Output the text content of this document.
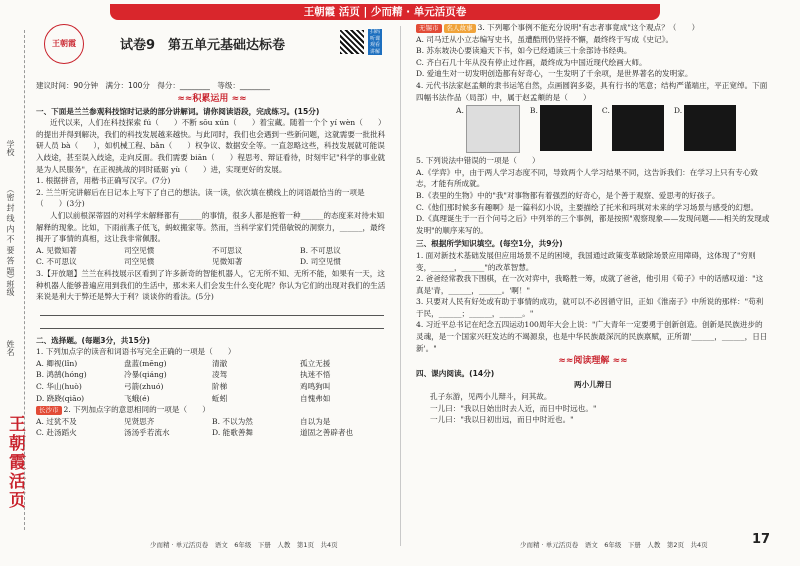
王朝霞 活页 | 少而精 · 单元活页卷
学校
（密 封 线 内 不 要 答 题）
班级
姓名
王朝霞活页
王朝霞	试卷9　第五单元基础达标卷
扫码听课观看讲解
建议时间：90分钟　满分：100分　得分：________　等级：________
≈≈ 积累运用 ≈≈

一、下面是兰兰参观科技馆时记录的部分讲解词。请你阅读语段，完成练习。(15分)

近代以来，人们在科技探索 fú（　　）不断 sōu xún（　　）着宝藏。随着一个个 yí wèn（　　）的提出并得到解决，我们的科技发展越来越快。与此同时，我们也会遇到一些新问题，这就需要一批批科研人员 bà（　　），如机械工程、bǎn（　　）权争议、数据安全等。一直忽略这些，科技发展就可能误入歧途，甚至误入歧途，走向反面。我们需要 biān（　　）程思考、辩证看待，时刻牢记"科学的事业就是为人民服务"，在正视挑战的同时砥砺 yù（　　）进，实现更好的发展。

1. 根据拼音，用楷书正确写汉字。(7分)

2. 兰兰听完讲解后在日记本上写下了自己的想法。读一读，依次填在横线上的词语最恰当的一项是（　　）(3分)

人们以前根深蒂固的对科学未解释都有______的事情，很多人都是抱着一种______的态度来对待未知解释的现象。比如，下雨前燕子低飞，蚂蚁搬家等。然而，当科学家们凭借敏锐的洞察力，______，最终揭开了事情的真相，这让我非常佩服。

A. 见微知著	司空见惯	不可思议	B. 不可思议
C. 不可思议	司空见惯	见微知著	D. 司空见惯

3.【开放题】兰兰在科技展示区看到了许多新奇的智能机器人，它无所不知、无所不能，如果有一天，这种机器人能够普遍应用到我们的生活中，那未来人们会发生什么变化呢？你认为它们的出现对我们的生活来说是利大于弊还是弊大于利？谈谈你的看法。(5分)

二、选择题。(每题3分，共15分)

1. 下列加点字的读音和词语书写完全正确的一项是（　　）

A. 卿视(lǐn)	盘蓝(mēng)	清澈	孤立无援
B. 鸿鹄(hóng)	冷暴(qiáng)	凌驾	执迷不悟
C. 华山(huò)	弓箭(zhuó)	阶梯	鸡鸣狗叫
D. 跷跷(qiāo)	飞蛾(é)	蚯蚓	自愧弗如

长沙市 2. 下列加点字的意思相同的一项是（　　）

A. 过犹不及	见贤思齐	B. 不以为然	自以为是
C. 赴汤蹈火	汤汤乎若流水	D. 能歌善舞	道固之善辟者也

无锡市 名人故事 3. 下列哪个事例不能充分说明"有志者事竟成"这个观点？（　　）

A. 司马迁从小立志编写史书，虽遭酷刑仍坚持不懈，最终终于写成《史记》。

B. 苏东坡决心要读遍天下书，如今已经通读三十余部诗书经典。

C. 齐白石几十年从没有停止过作画，最终成为中国近现代绘画大师。

D. 爱迪生对一切发明创造都有好奇心，一生发明了千余项，是世界著名的发明家。

4. 元代书法家赵孟頫的隶书运笔自然，点画圆润多姿，具有行书的笔意；结构严谨端庄，平正宽绰。下面四幅书法作品（局部）中，属于赵孟頫的是（　　）

A.	B.	C.	D.

5. 下列说法中错误的一项是（　　）

A.《学弈》中，由于两人学习态度不同，导致两个人学习结果不同，这告诉我们：在学习上只有专心致志，才能有所成就。

B.《表里的生物》中的"我"对事物都有着强烈的好奇心，是个善于观察、爱思考的好孩子。

C.《他们那时候多有趣啊》是一篇科幻小说，主要描绘了托米和玛琪对未来的学习场景与感受的幻想。

D.《真理诞生于一百个问号之后》中列举的三个事例，都是按照"观察现象——发现问题——相关的发现或发明"的顺序来写的。

三、根据所学知识填空。(每空1分，共9分)

1. 面对新技术基础发展但应用场景不足的困境，我国通过政策变革破除场景应用障碍，这体现了"穷则变，______，______"的改革智慧。

2. 爸爸经常教我下围棋，在一次对弈中，我略胜一筹，成就了爸爸，他引用《荀子》中的话感叹道："这真是'青，______，______。'啊！"

3. 只要对人民有好处或有助于事情的成功，就可以不必因循守旧，正如《淮南子》中所说的那样："苟利于民，______；______，______。"

4. 习近平总书记在纪念五四运动100周年大会上说："广大青年一定要勇于创新创造。创新是民族进步的灵魂，是一个国家兴旺发达的不竭源泉，也是中华民族最深沉的民族禀赋，正所谓'______，______，日日新'。"

≈≈ 阅读理解 ≈≈

四、课内阅读。(14分)

两小儿辩日

孔子东游，见两小儿辩斗，问其故。

一儿曰："我以日始出时去人近，而日中时远也。"

一儿曰："我以日初出远，而日中时近也。"

少而精 · 单元活页卷　语文　6年级　下册　人教　第1页　共4页	少而精 · 单元活页卷　语文　6年级　下册　人教　第2页　共4页	17
